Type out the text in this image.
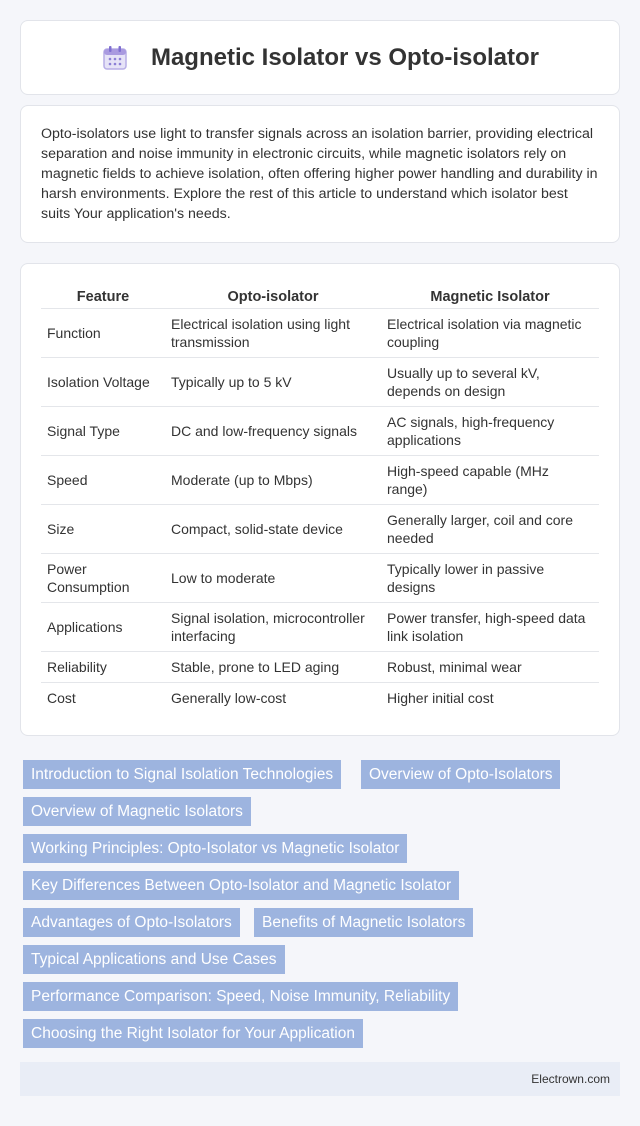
Magnetic Isolator vs Opto-isolator

Opto-isolators use light to transfer signals across an isolation barrier, providing electrical separation and noise immunity in electronic circuits, while magnetic isolators rely on magnetic fields to achieve isolation, often offering higher power handling and durability in harsh environments. Explore the rest of this article to understand which isolator best suits Your application's needs.

Feature	Opto-isolator	Magnetic Isolator
Function	Electrical isolation using light transmission	Electrical isolation via magnetic coupling
Isolation Voltage	Typically up to 5 kV	Usually up to several kV, depends on design
Signal Type	DC and low-frequency signals	AC signals, high-frequency applications
Speed	Moderate (up to Mbps)	High-speed capable (MHz range)
Size	Compact, solid-state device	Generally larger, coil and core needed
Power Consumption	Low to moderate	Typically lower in passive designs
Applications	Signal isolation, microcontroller interfacing	Power transfer, high-speed data link isolation
Reliability	Stable, prone to LED aging	Robust, minimal wear
Cost	Generally low-cost	Higher initial cost
Introduction to Signal Isolation Technologies	Overview of Opto-Isolators
Overview of Magnetic Isolators
Working Principles: Opto-Isolator vs Magnetic Isolator
Key Differences Between Opto-Isolator and Magnetic Isolator
Advantages of Opto-Isolators	Benefits of Magnetic Isolators
Typical Applications and Use Cases
Performance Comparison: Speed, Noise Immunity, Reliability
Choosing the Right Isolator for Your Application
Electrown.com
